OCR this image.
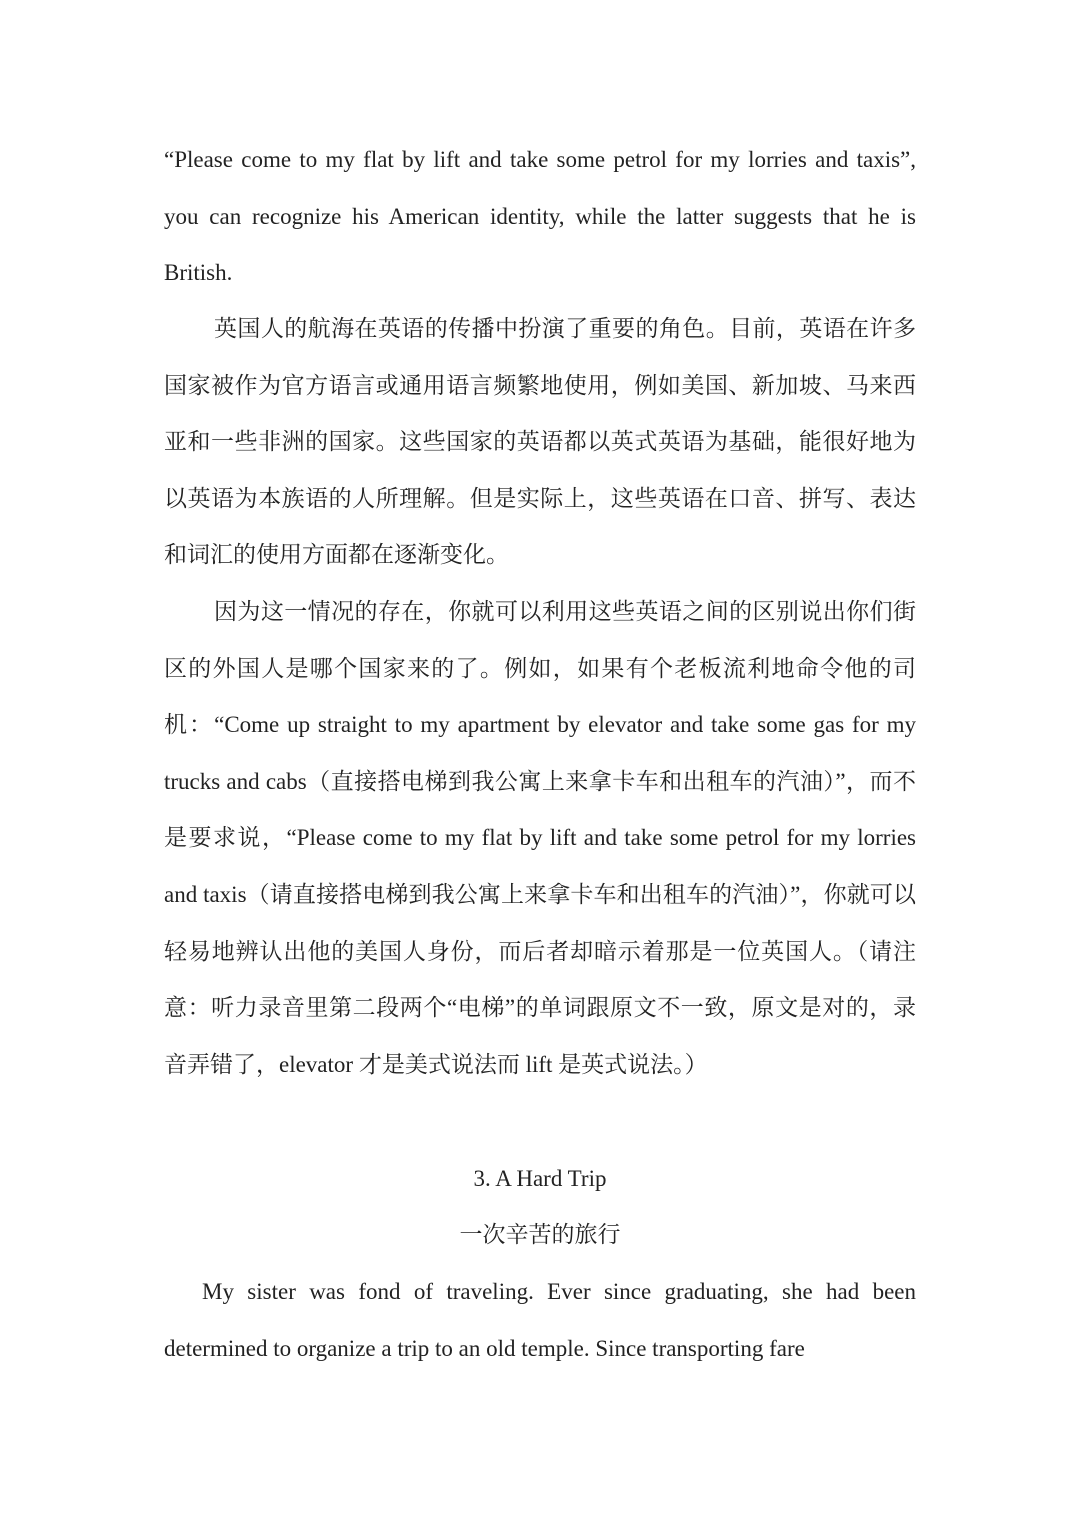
“Please come to my flat by lift and take some petrol for my lorries and taxis”, you can recognize his American identity, while the latter suggests that he is British.

英国人的航海在英语的传播中扮演了重要的角色。目前，英语在许多国家被作为官方语言或通用语言频繁地使用，例如美国、新加坡、马来西亚和一些非洲的国家。这些国家的英语都以英式英语为基础，能很好地为以英语为本族语的人所理解。但是实际上，这些英语在口音、拼写、表达和词汇的使用方面都在逐渐变化。

因为这一情况的存在，你就可以利用这些英语之间的区别说出你们街区的外国人是哪个国家来的了。例如，如果有个老板流利地命令他的司机：“Come up straight to my apartment by elevator and take some gas for my trucks and cabs（直接搭电梯到我公寓上来拿卡车和出租车的汽油）”，而不是要求说，“Please come to my flat by lift and take some petrol for my lorries and taxis（请直接搭电梯到我公寓上来拿卡车和出租车的汽油）”，你就可以轻易地辨认出他的美国人身份，而后者却暗示着那是一位英国人。（请注意：听力录音里第二段两个“电梯”的单词跟原文不一致，原文是对的，录音弄错了，elevator 才是美式说法而 lift 是英式说法。）

3. A Hard Trip
一次辛苦的旅行

My sister was fond of traveling. Ever since graduating, she had been determined to organize a trip to an old temple. Since transporting fare
